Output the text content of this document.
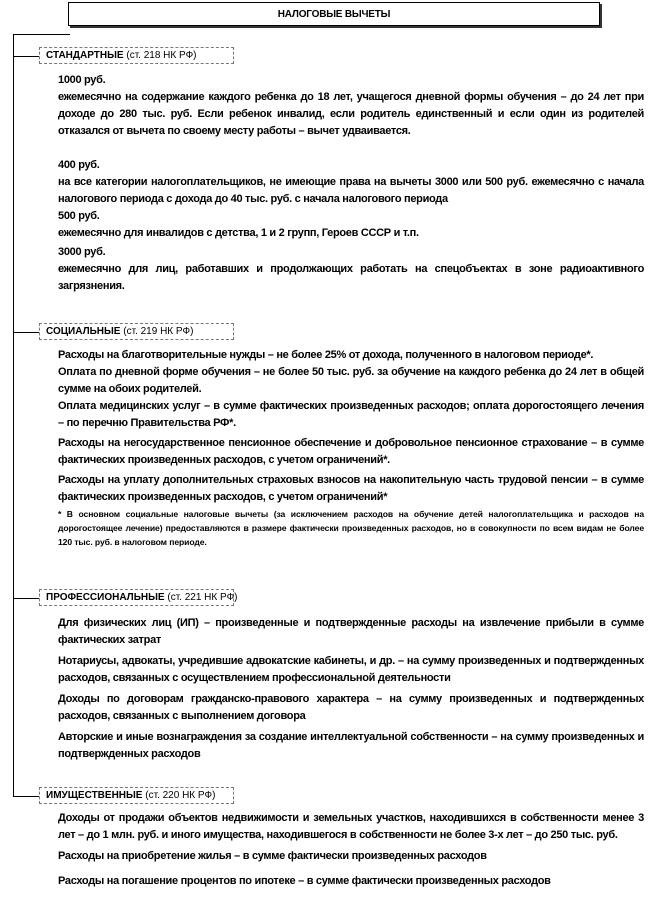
НАЛОГОВЫЕ ВЫЧЕТЫ
СТАНДАРТНЫЕ
(ст. 218 НК РФ)

1000 руб.

ежемесячно на содержание каждого ребенка до 18 лет, учащегося дневной формы обучения – до 24 лет при доходе до 280 тыс. руб. Если ребенок инвалид, если родитель единственный и если один из родителей отказался от вычета по своему месту работы – вычет удваивается.

400 руб.

на все категории налогоплательщиков, не имеющие права на вычеты 3000 или 500 руб. ежемесячно с начала налогового периода с дохода до 40 тыс. руб. с начала налогового периода

500 руб.

ежемесячно для инвалидов с детства, 1 и 2 групп, Героев СССР и т.п.

3000 руб.

ежемесячно для лиц, работавших и продолжающих работать на спецобъектах в зоне радиоактивного загрязнения.

СОЦИАЛЬНЫЕ
(ст. 219 НК РФ)

Расходы на благотворительные нужды – не более 25% от дохода, полученного в налоговом периоде*.

Оплата по дневной форме обучения – не более 50 тыс. руб. за обучение на каждого ребенка до 24 лет в общей сумме на обоих родителей.

Оплата медицинских услуг – в сумме фактических произведенных расходов; оплата дорогостоящего лечения – по перечню Правительства РФ*.

Расходы на негосударственное пенсионное обеспечение и добровольное пенсионное страхование – в сумме фактических произведенных расходов, с учетом ограничений*.

Расходы на уплату дополнительных страховых взносов на накопительную часть трудовой пенсии – в сумме фактических произведенных расходов, с учетом ограничений*

* В основном социальные налоговые вычеты (за исключением расходов на обучение детей налогоплательщика и расходов на дорогостоящее лечение) предоставляются в размере фактически произведенных расходов, но в совокупности по всем видам не более 120 тыс. руб. в налоговом периоде.

ПРОФЕССИОНАЛЬНЫЕ
(ст. 221 НК РФ)

Для физических лиц (ИП) – произведенные и подтвержденные расходы на извлечение прибыли в сумме фактических затрат

Нотариусы, адвокаты, учредившие адвокатские кабинеты, и др. – на сумму произведенных и подтвержденных расходов, связанных с осуществлением профессиональной деятельности

Доходы по договорам гражданско-правового характера – на сумму произведенных и подтвержденных расходов, связанных с выполнением договора

Авторские и иные вознаграждения за создание интеллектуальной собственности – на сумму произведенных и подтвержденных расходов

ИМУЩЕСТВЕННЫЕ
(ст. 220 НК РФ)

Доходы от продажи объектов недвижимости и земельных участков, находившихся в собственности менее 3 лет – до 1 млн. руб. и иного имущества, находившегося в собственности не более 3-х лет – до 250 тыс. руб.

Расходы на приобретение жилья – в сумме фактически произведенных расходов

Расходы на погашение процентов по ипотеке – в сумме фактически произведенных расходов
